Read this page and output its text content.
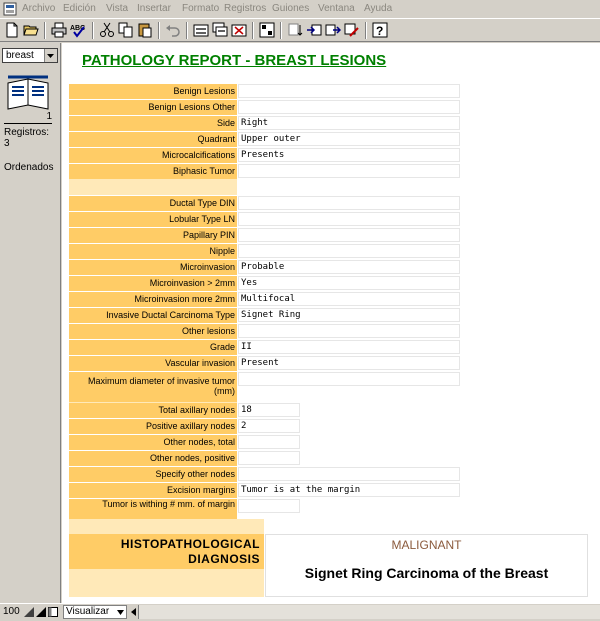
Archivo Edición Vista Insertar Formato Registros Guiones Ventana Ayuda
ABC	?
breast
1
Registros:
3
Ordenados
PATHOLOGY REPORT - BREAST LESIONS
Benign Lesions
Benign Lesions Other
Side Right
Quadrant Upper outer
Microcalcifications Presents
Biphasic Tumor
Ductal Type DIN
Lobular Type LN
Papillary PIN
Nipple
Microinvasion Probable
Microinvasion > 2mm Yes
Microinvasion more 2mm Multifocal
Invasive Ductal Carcinoma Type Signet Ring
Other lesions
Grade II
Vascular invasion Present
Maximum diameter of invasive tumor (mm)
Total axillary nodes 18
Positive axillary nodes 2
Other nodes, total
Other nodes, positive
Specify other nodes
Excision margins Tumor is at the margin
Tumor is withing # mm. of margin
HISTOPATHOLOGICAL
DIAGNOSIS
MALIGNANT
Signet Ring Carcinoma of the Breast
100	Visualizar
